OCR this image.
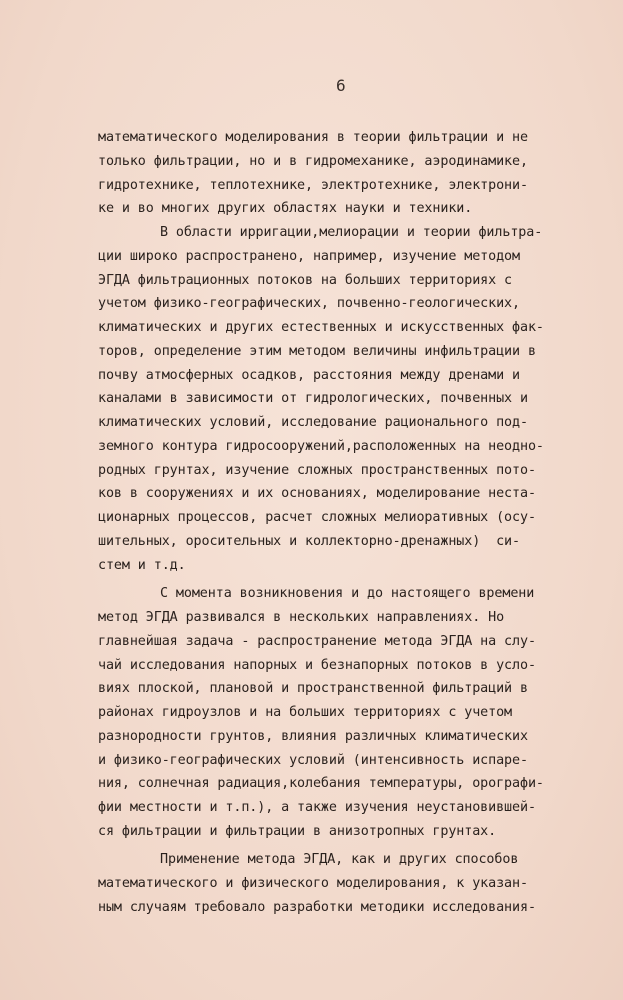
6
математического моделирования в теории фильтрации и не
только фильтрации, но и в гидромеханике, аэродинамике,
гидротехнике, теплотехнике, электротехнике, электрони-
ке и во многих других областях науки и техники.
В области ирригации,мелиорации и теории фильтра-
ции широко распространено, например, изучение методом
ЭГДА фильтрационных потоков на больших территориях с
учетом физико-географических, почвенно-геологических,
климатических и других естественных и искусственных фак-
торов, определение этим методом величины инфильтрации в
почву атмосферных осадков, расстояния между дренами и
каналами в зависимости от гидрологических, почвенных и
климатических условий, исследование рационального под-
земного контура гидросооружений,расположенных на неодно-
родных грунтах, изучение сложных пространственных пото-
ков в сооружениях и их основаниях, моделирование неста-
ционарных процессов, расчет сложных мелиоративных (осу-
шительных, оросительных и коллекторно-дренажных)  си-
стем и т.д.
С момента возникновения и до настоящего времени
метод ЭГДА развивался в нескольких направлениях. Но
главнейшая задача - распространение метода ЭГДА на слу-
чай исследования напорных и безнапорных потоков в усло-
виях плоской, плановой и пространственной фильтраций в
районах гидроузлов и на больших территориях с учетом
разнородности грунтов, влияния различных климатических
и физико-географических условий (интенсивность испаре-
ния, солнечная радиация,колебания температуры, орографи-
фии местности и т.п.), а также изучения неустановившей-
ся фильтрации и фильтрации в анизотропных грунтах.
Применение метода ЭГДА, как и других способов
математического и физического моделирования, к указан-
ным случаям требовало разработки методики исследования-
